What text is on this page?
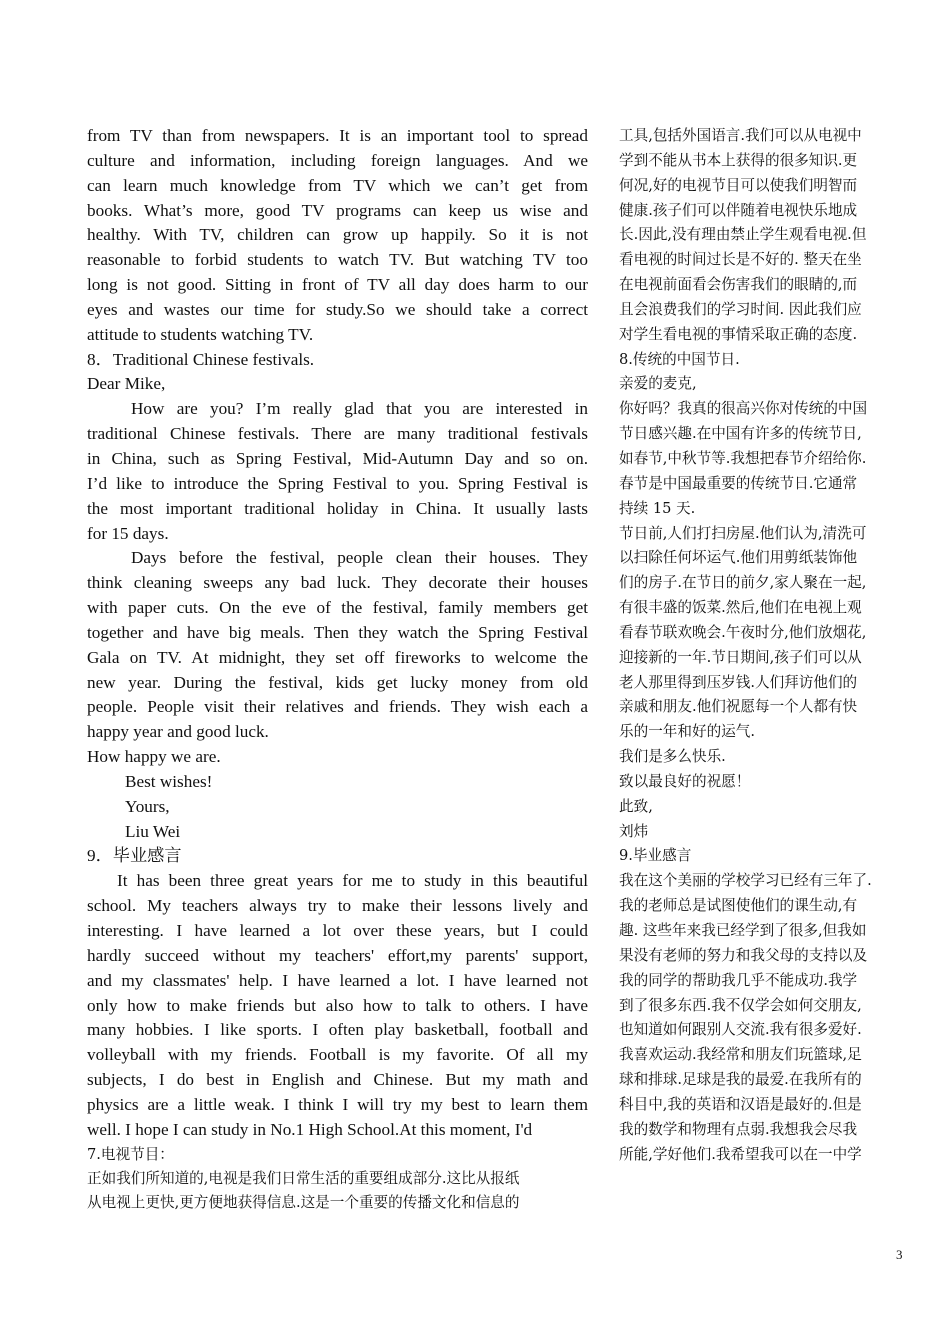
from TV than from newspapers. It is an important tool to spread

culture and information, including foreign languages. And we

can learn much knowledge from TV which we can’t get from

books. What’s more, good TV programs can keep us wise and

healthy. With TV, children can grow up happily. So it is not

reasonable to forbid students to watch TV. But watching TV too

long is not good. Sitting in front of TV all day does harm to our

eyes and wastes our time for study.So we should take a correct

attitude to students watching TV.

8．Traditional Chinese festivals.

Dear Mike,

How are you? I’m really glad that you are interested in

traditional Chinese festivals. There are many traditional festivals

in China, such as Spring Festival, Mid-Autumn Day and so on.

I’d like to introduce the Spring Festival to you. Spring Festival is

the most important traditional holiday in China. It usually lasts

for 15 days.

Days before the festival, people clean their houses. They

think cleaning sweeps any bad luck. They decorate their houses

with paper cuts. On the eve of the festival, family members get

together and have big meals. Then they watch the Spring Festival

Gala on TV. At midnight, they set off fireworks to welcome the

new year. During the festival, kids get lucky money from old

people. People visit their relatives and friends. They wish each a

happy year and good luck.

How happy we are.

Best wishes!

Yours,

Liu Wei

9．毕业感言

It has been three great years for me to study in this beautiful

school. My teachers always try to make their lessons lively and

interesting. I have learned a lot over these years, but I could

hardly succeed without my teachers' effort,my parents' support,

and my classmates' help. I have learned a lot. I have learned not

only how to make friends but also how to talk to others. I have

many hobbies. I like sports. I often play basketball, football and

volleyball with my friends. Football is my favorite. Of all my

subjects, I do best in English and Chinese. But my math and

physics are a little weak. I think I will try my best to learn them

well. I hope I can study in No.1 High School.At this moment, I'd

7.电视节目：

正如我们所知道的,电视是我们日常生活的重要组成部分.这比从报纸

从电视上更快,更方便地获得信息.这是一个重要的传播文化和信息的

工具,包括外国语言.我们可以从电视中

学到不能从书本上获得的很多知识.更

何况,好的电视节目可以使我们明智而

健康.孩子们可以伴随着电视快乐地成

长.因此,没有理由禁止学生观看电视.但

看电视的时间过长是不好的. 整天在坐

在电视前面看会伤害我们的眼睛的,而

且会浪费我们的学习时间. 因此我们应

对学生看电视的事情采取正确的态度.

8.传统的中国节日.

亲爱的麦克,

你好吗？我真的很高兴你对传统的中国

节日感兴趣.在中国有许多的传统节日,

如春节,中秋节等.我想把春节介绍给你.

春节是中国最重要的传统节日.它通常

持续 15 天.

节日前,人们打扫房屋.他们认为,清洗可

以扫除任何坏运气.他们用剪纸装饰他

们的房子.在节日的前夕,家人聚在一起,

有很丰盛的饭菜.然后,他们在电视上观

看春节联欢晚会.午夜时分,他们放烟花,

迎接新的一年.节日期间,孩子们可以从

老人那里得到压岁钱.人们拜访他们的

亲戚和朋友.他们祝愿每一个人都有快

乐的一年和好的运气.

我们是多么快乐.

致以最良好的祝愿！

此致,

刘炜

9.毕业感言

我在这个美丽的学校学习已经有三年了.

我的老师总是试图使他们的课生动,有

趣. 这些年来我已经学到了很多,但我如

果没有老师的努力和我父母的支持以及

我的同学的帮助我几乎不能成功.我学

到了很多东西.我不仅学会如何交朋友,

也知道如何跟别人交流.我有很多爱好.

我喜欢运动.我经常和朋友们玩篮球,足

球和排球.足球是我的最爱.在我所有的

科目中,我的英语和汉语是最好的.但是

我的数学和物理有点弱.我想我会尽我

所能,学好他们.我希望我可以在一中学

3
